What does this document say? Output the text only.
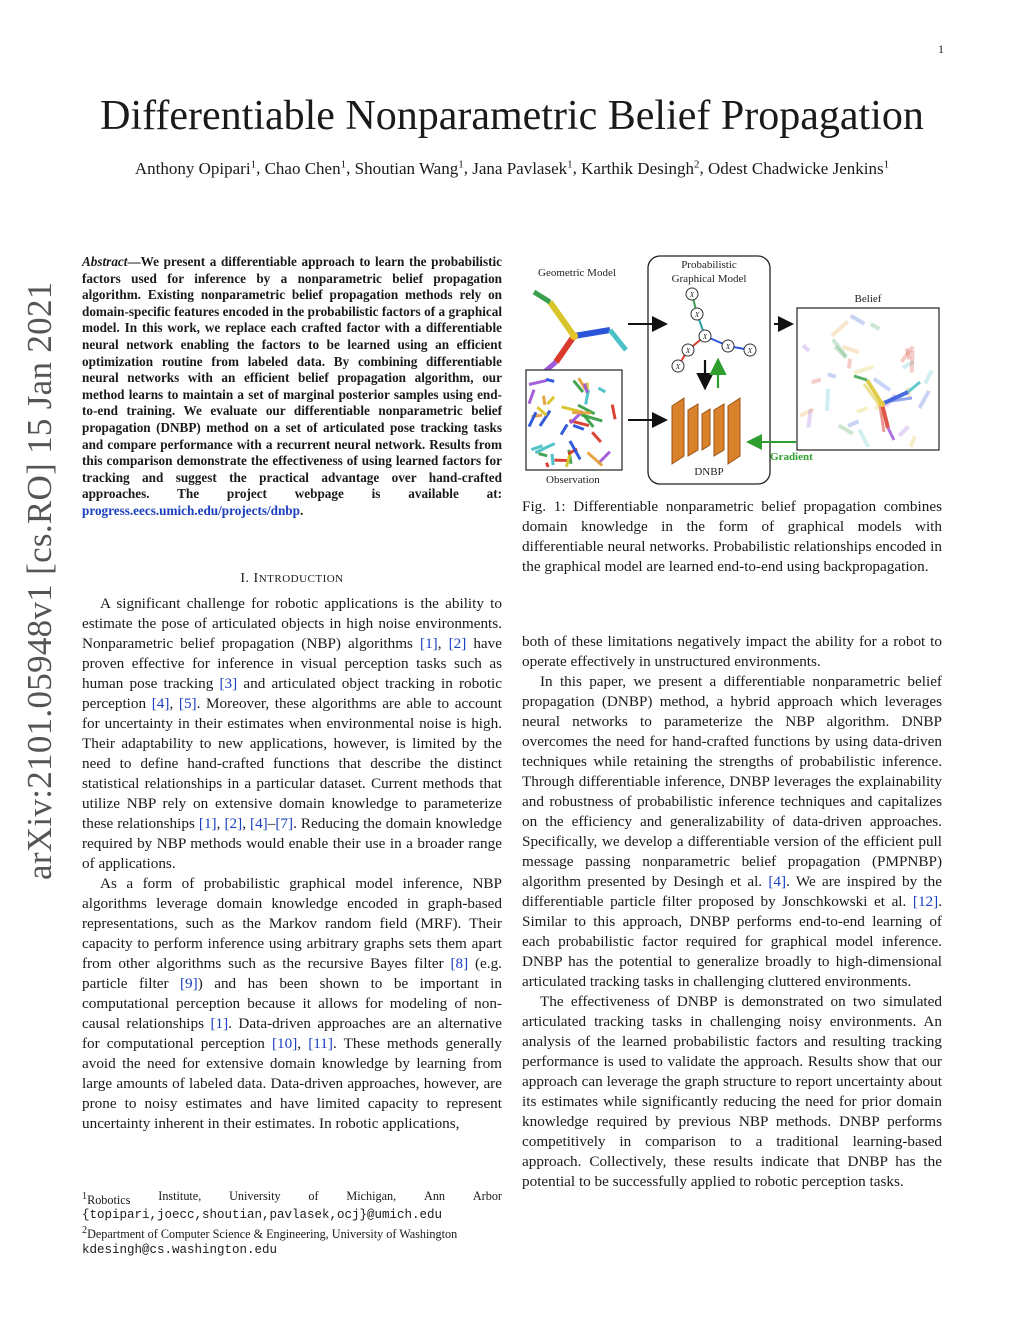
1
arXiv:2101.05948v1 [cs.RO] 15 Jan 2021
Differentiable Nonparametric Belief Propagation
Anthony Opipari$^1$, Chao Chen$^1$, Shoutian Wang$^1$, Jana Pavlasek$^1$, Karthik Desingh$^2$, Odest Chadwicke Jenkins$^1$
Abstract—We present a differentiable approach to learn the probabilistic factors used for inference by a nonparametric belief propagation algorithm. Existing nonparametric belief propagation methods rely on domain-specific features encoded in the probabilistic factors of a graphical model. In this work, we replace each crafted factor with a differentiable neural network enabling the factors to be learned using an efficient optimization routine from labeled data. By combining differentiable neural networks with an efficient belief propagation algorithm, our method learns to maintain a set of marginal posterior samples using end-to-end training. We evaluate our differentiable nonparametric belief propagation (DNBP) method on a set of articulated pose tracking tasks and compare performance with a recurrent neural network. Results from this comparison demonstrate the effectiveness of using learned factors for tracking and suggest the practical advantage over hand-crafted approaches. The project webpage is available at: progress.eecs.umich.edu/projects/dnbp.
I. INTRODUCTION

A significant challenge for robotic applications is the ability to estimate the pose of articulated objects in high noise environments. Nonparametric belief propagation (NBP) algorithms [1], [2] have proven effective for inference in visual perception tasks such as human pose tracking [3] and articulated object tracking in robotic perception [4], [5]. Moreover, these algorithms are able to account for uncertainty in their estimates when environmental noise is high. Their adaptability to new applications, however, is limited by the need to define hand-crafted functions that describe the distinct statistical relationships in a particular dataset. Current methods that utilize NBP rely on extensive domain knowledge to parameterize these relationships [1], [2], [4]–[7]. Reducing the domain knowledge required by NBP methods would enable their use in a broader range of applications.

As a form of probabilistic graphical model inference, NBP algorithms leverage domain knowledge encoded in graph-based representations, such as the Markov random field (MRF). Their capacity to perform inference using arbitrary graphs sets them apart from other algorithms such as the recursive Bayes filter [8] (e.g. particle filter [9]) and has been shown to be important in computational perception because it allows for modeling of non-causal relationships [1]. Data-driven approaches are an alternative for computational perception [10], [11]. These methods generally avoid the need for extensive domain knowledge by learning from large amounts of labeled data. Data-driven approaches, however, are prone to noisy estimates and have limited capacity to represent uncertainty inherent in their estimates. In robotic applications,

$^1$Robotics Institute, University of Michigan, Ann Arbor
{topipari,joecc,shoutian,pavlasek,ocj}@umich.edu
$^2$Department of Computer Science & Engineering, University of Washington kdesingh@cs.washington.edu
Geometric Model
Observation
Probabilistic
Graphical Model
X
X
X
X
X
X	X
DNBP
Gradient
Belief
Fig. 1: Differentiable nonparametric belief propagation combines domain knowledge in the form of graphical models with differentiable neural networks. Probabilistic relationships encoded in the graphical model are learned end-to-end using backpropagation.

both of these limitations negatively impact the ability for a robot to operate effectively in unstructured environments.

In this paper, we present a differentiable nonparametric belief propagation (DNBP) method, a hybrid approach which leverages neural networks to parameterize the NBP algorithm. DNBP overcomes the need for hand-crafted functions by using data-driven techniques while retaining the strengths of probabilistic inference. Through differentiable inference, DNBP leverages the explainability and robustness of probabilistic inference techniques and capitalizes on the efficiency and generalizability of data-driven approaches. Specifically, we develop a differentiable version of the efficient pull message passing nonparametric belief propagation (PMPNBP) algorithm presented by Desingh et al. [4]. We are inspired by the differentiable particle filter proposed by Jonschkowski et al. [12]. Similar to this approach, DNBP performs end-to-end learning of each probabilistic factor required for graphical model inference. DNBP has the potential to generalize broadly to high-dimensional articulated tracking tasks in challenging cluttered environments.

The effectiveness of DNBP is demonstrated on two simulated articulated tracking tasks in challenging noisy environments. An analysis of the learned probabilistic factors and resulting tracking performance is used to validate the approach. Results show that our approach can leverage the graph structure to report uncertainty about its estimates while significantly reducing the need for prior domain knowledge required by previous NBP methods. DNBP performs competitively in comparison to a traditional learning-based approach. Collectively, these results indicate that DNBP has the potential to be successfully applied to robotic perception tasks.
